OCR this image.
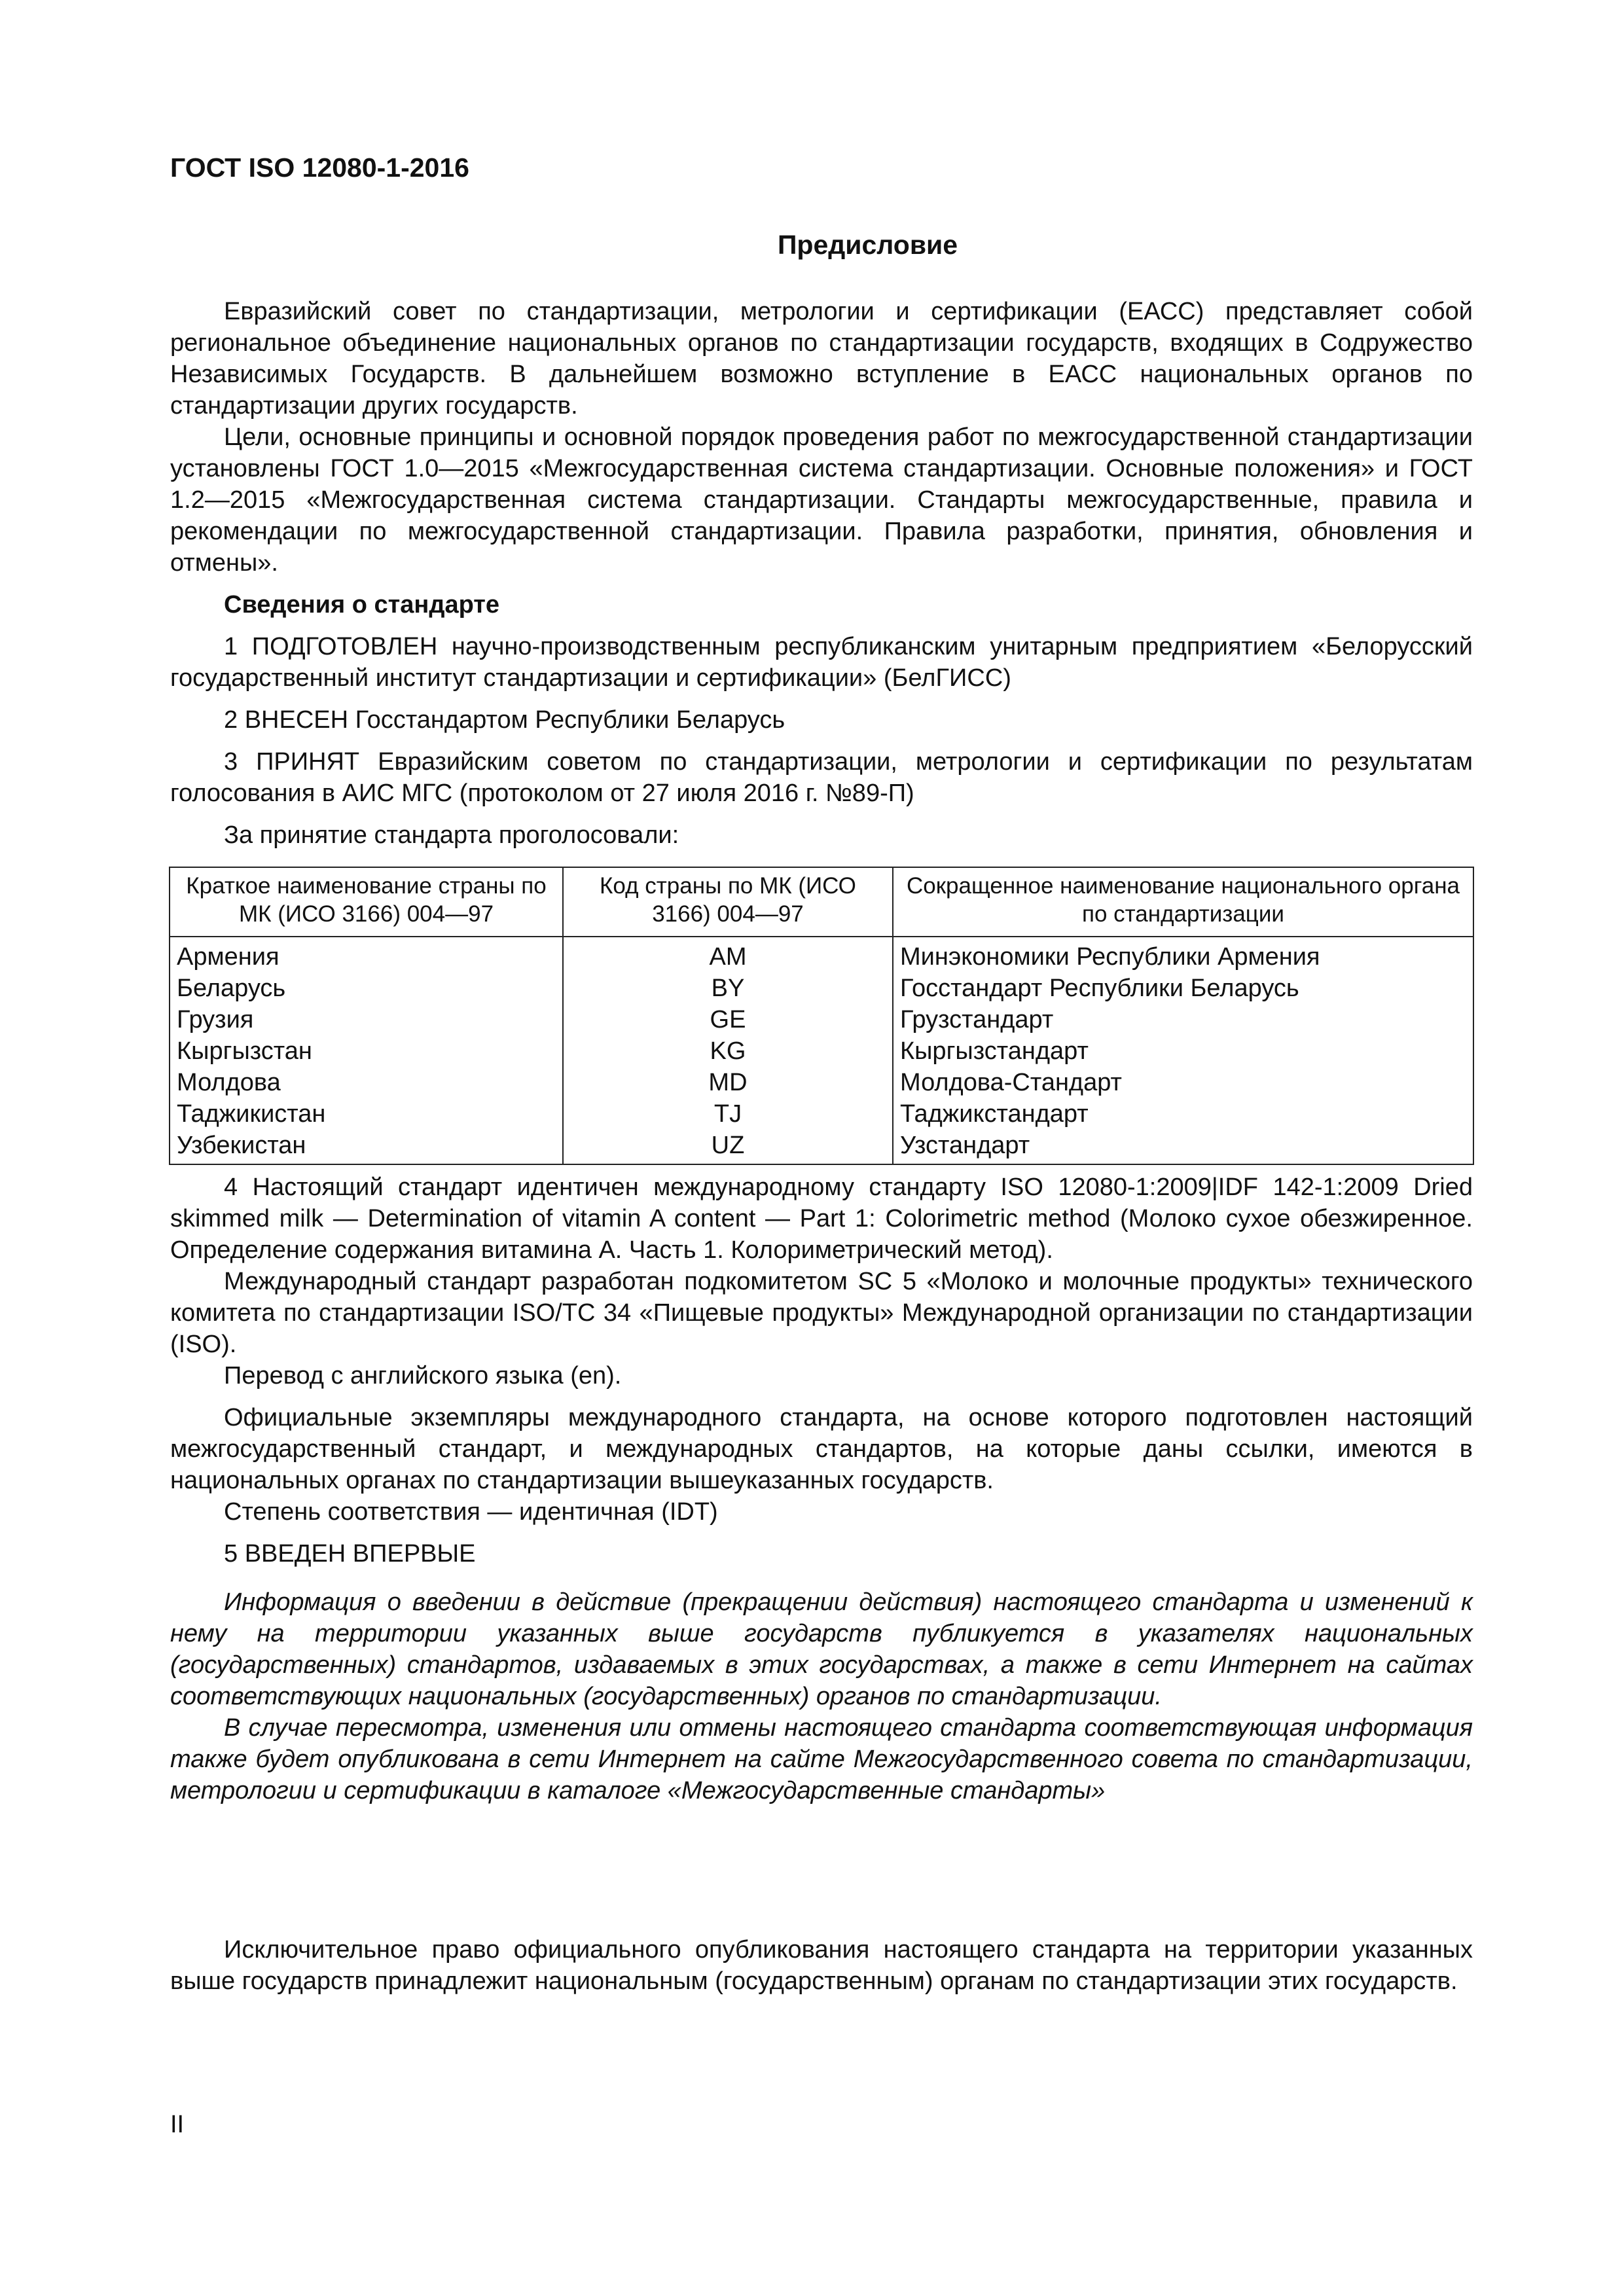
ГОСТ ISO 12080-1-2016
Предисловие

Евразийский совет по стандартизации, метрологии и сертификации (ЕАСС) представляет собой региональное объединение национальных органов по стандартизации государств, входящих в Содружество Независимых Государств. В дальнейшем возможно вступление в ЕАСС национальных органов по стандартизации других государств.

Цели, основные принципы и основной порядок проведения работ по межгосударственной стандартизации установлены ГОСТ 1.0—2015 «Межгосударственная система стандартизации. Основные положения» и ГОСТ 1.2—2015 «Межгосударственная система стандартизации. Стандарты межгосударственные, правила и рекомендации по межгосударственной стандартизации. Правила разработки, принятия, обновления и отмены».

Сведения о стандарте

1 ПОДГОТОВЛЕН научно-производственным республиканским унитарным предприятием «Белорусский государственный институт стандартизации и сертификации» (БелГИСС)

2 ВНЕСЕН Госстандартом Республики Беларусь

3 ПРИНЯТ Евразийским советом по стандартизации, метрологии и сертификации по результатам голосования в АИС МГС (протоколом от 27 июля 2016 г. №89-П)

За принятие стандарта проголосовали:

Краткое наименование страны по МК (ИСО 3166) 004—97	Код страны по МК (ИСО 3166) 004—97	Сокращенное наименование национального органа по стандартизации
Армения	AM	Минэкономики Республики Армения
Беларусь	BY	Госстандарт Республики Беларусь
Грузия	GE	Грузстандарт
Кыргызстан	KG	Кыргызстандарт
Молдова	MD	Молдова-Стандарт
Таджикистан	TJ	Таджикстандарт
Узбекистан	UZ	Узстандарт

4 Настоящий стандарт идентичен международному стандарту ISO 12080-1:2009|IDF 142-1:2009 Dried skimmed milk — Determination of vitamin A content — Part 1: Colorimetric method (Молоко сухое обезжиренное. Определение содержания витамина А. Часть 1. Колориметрический метод).

Международный стандарт разработан подкомитетом SC 5 «Молоко и молочные продукты» технического комитета по стандартизации ISO/TC 34 «Пищевые продукты» Международной организации по стандартизации (ISO).

Перевод с английского языка (en).

Официальные экземпляры международного стандарта, на основе которого подготовлен настоящий межгосударственный стандарт, и международных стандартов, на которые даны ссылки, имеются в национальных органах по стандартизации вышеуказанных государств.

Степень соответствия — идентичная (IDT)

5 ВВЕДЕН ВПЕРВЫЕ

Информация о введении в действие (прекращении действия) настоящего стандарта и изменений к нему на территории указанных выше государств публикуется в указателях национальных (государственных) стандартов, издаваемых в этих государствах, а также в сети Интернет на сайтах соответствующих национальных (государственных) органов по стандартизации.

В случае пересмотра, изменения или отмены настоящего стандарта соответствующая информация также будет опубликована в сети Интернет на сайте Межгосударственного совета по стандартизации, метрологии и сертификации в каталоге «Межгосударственные стандарты»

Исключительное право официального опубликования настоящего стандарта на территории указанных выше государств принадлежит национальным (государственным) органам по стандартизации этих государств.

II
